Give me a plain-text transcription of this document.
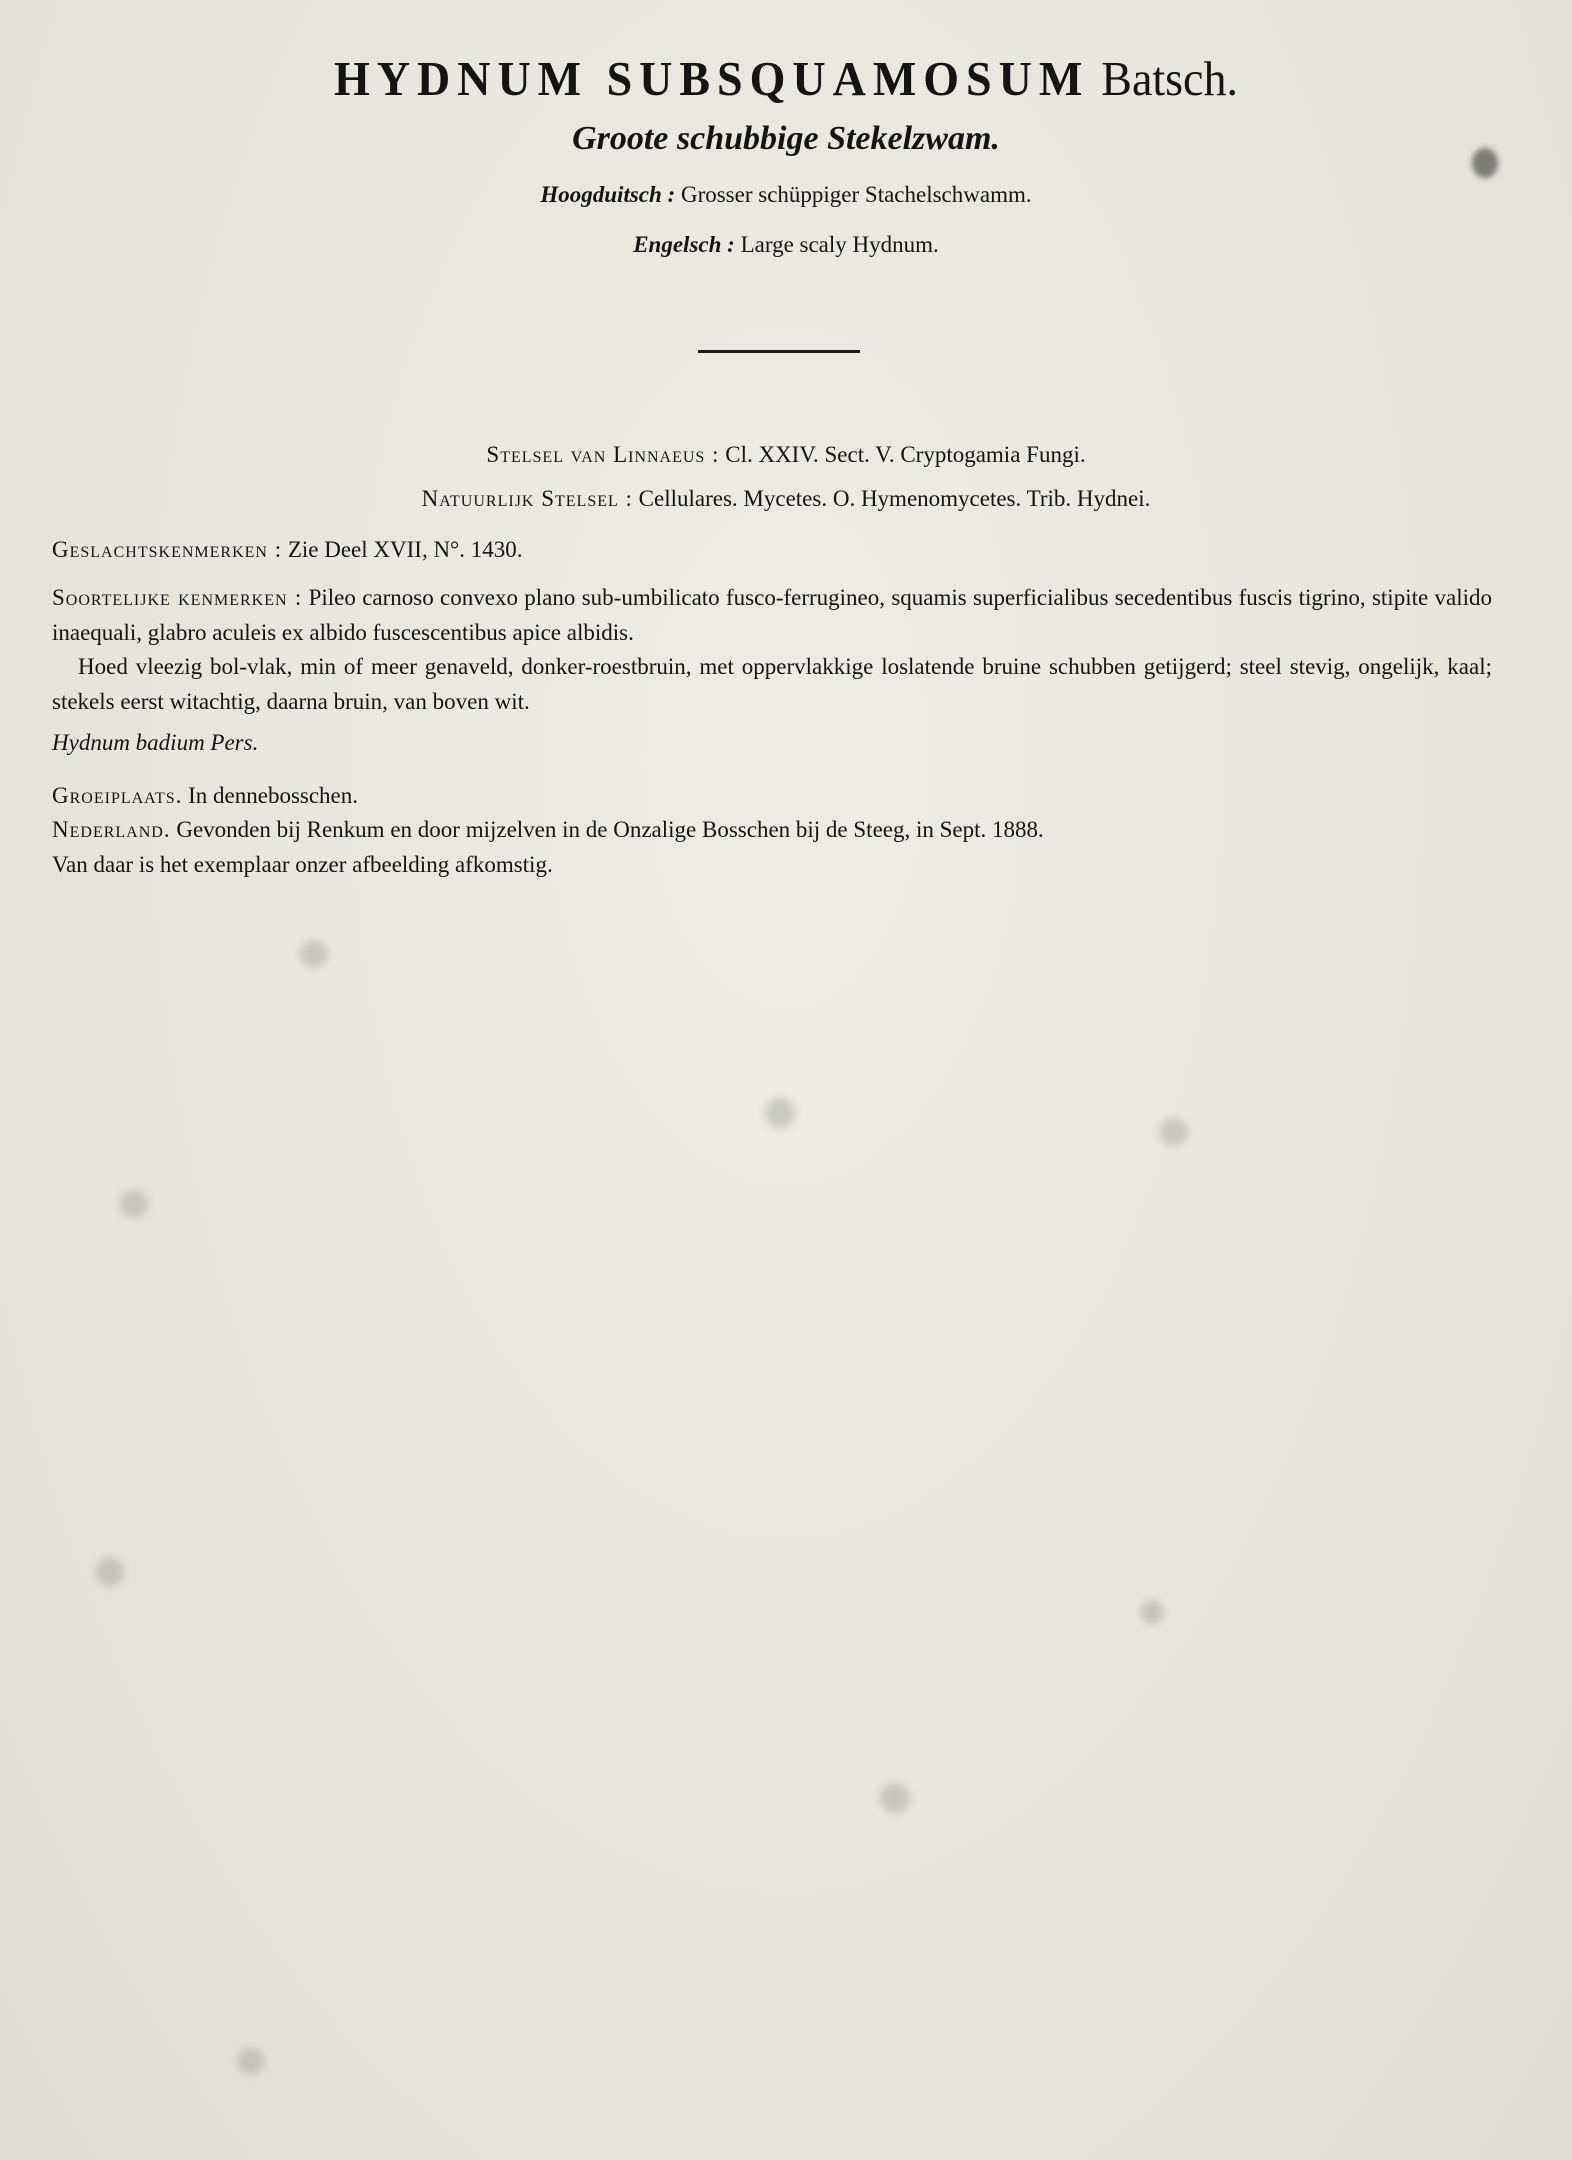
HYDNUM SUBSQUAMOSUM Batsch.
Groote schubbige Stekelzwam.
Hoogduitsch : Grosser schüppiger Stachelschwamm.
Engelsch : Large scaly Hydnum.
Stelsel van Linnaeus : Cl. XXIV. Sect. V. Cryptogamia Fungi.
Natuurlijk Stelsel : Cellulares. Mycetes. O. Hymenomycetes. Trib. Hydnei.
Geslachtskenmerken : Zie Deel XVII, N°. 1430.
Soortelijke kenmerken : Pileo carnoso convexo plano sub-umbilicato fusco-ferrugineo, squamis superficialibus secedentibus fuscis tigrino, stipite valido inaequali, glabro aculeis ex albido fuscescentibus apice albidis.
Hoed vleezig bol-vlak, min of meer genaveld, donker-roestbruin, met oppervlakkige loslatende bruine schubben getijgerd; steel stevig, ongelijk, kaal; stekels eerst witachtig, daarna bruin, van boven wit.
Hydnum badium Pers.
Groeiplaats. In dennebosschen.
Nederland. Gevonden bij Renkum en door mijzelven in de Onzalige Bosschen bij de Steeg, in Sept. 1888.
Van daar is het exemplaar onzer afbeelding afkomstig.
